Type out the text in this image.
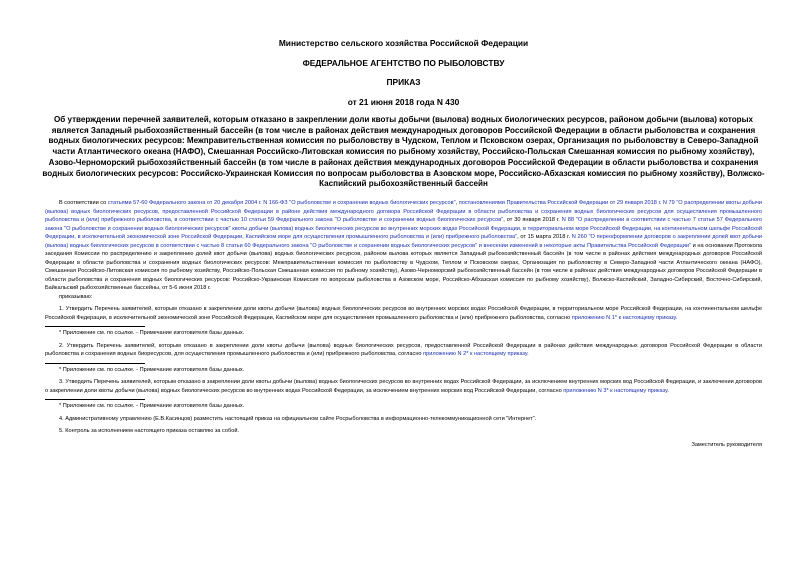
Министерство сельского хозяйства Российской Федерации
ФЕДЕРАЛЬНОЕ АГЕНТСТВО ПО РЫБОЛОВСТВУ
ПРИКАЗ
от 21 июня 2018 года N 430
Об утверждении перечней заявителей, которым отказано в закреплении доли квоты добычи (вылова) водных биологических ресурсов, районом добычи (вылова) которых является Западный рыбохозяйственный бассейн (в том числе в районах действия международных договоров Российской Федерации в области рыболовства и сохранения водных биологических ресурсов: Межправительственная комиссия по рыболовству в Чудском, Теплом и Псковском озерах, Организация по рыболовству в Северо-Западной части Атлантического океана (НАФО), Смешанная Российско-Литовская комиссия по рыбному хозяйству, Российско-Польская Смешанная комиссия по рыбному хозяйству), Азово-Черноморский рыбохозяйственный бассейн (в том числе в районах действия международных договоров Российской Федерации в области рыболовства и сохранения водных биологических ресурсов: Российско-Украинская Комиссия по вопросам рыболовства в Азовском море, Российско-Абхазская комиссия по рыбному хозяйству), Волжско-Каспийский рыбохозяйственный бассейн

В соответствии со статьями 57-60 Федерального закона от 20 декабря 2004 г. N 166-ФЗ "О рыболовстве и сохранении водных биологических ресурсов", постановлениями Правительства Российской Федерации от 29 января 2018 г. N 79 "О распределении квоты добычи (вылова) водных биологических ресурсов, предоставленной Российской Федерации в районе действия международного договора Российской Федерации в области рыболовства и сохранения водных биологических ресурсов для осуществления промышленного рыболовства и (или) прибрежного рыболовства, в соответствии с частью 10 статьи 59 Федерального закона "О рыболовстве и сохранении водных биологических ресурсов", от 30 января 2018 г. N 88 "О распределении в соответствии с частью 7 статьи 57 Федерального закона "О рыболовстве и сохранении водных биологических ресурсов" квоты добычи (вылова) водных биологических ресурсов во внутренних морских водах Российской Федерации, в территориальном море Российской Федерации, на континентальном шельфе Российской Федерации, в исключительной экономической зоне Российской Федерации, Каспийском море для осуществления промышленного рыболовства и (или) прибрежного рыболовства", от 15 марта 2018 г. N 260 "О переоформлении договоров о закреплении долей квот добычи (вылова) водных биологических ресурсов в соответствии с частью 8 статьи 60 Федерального закона "О рыболовстве и сохранении водных биологических ресурсов" и внесении изменений в некоторые акты Правительства Российской Федерации" и на основании Протокола заседания Комиссии по распределению и закреплению долей квот добычи (вылова) водных биологических ресурсов, районом вылова которых является Западный рыбохозяйственный бассейн (в том числе в районах действия международных договоров Российской Федерации в области рыболовства и сохранения водных биологических ресурсов: Межправительственная комиссия по рыболовству в Чудском, Теплом и Псковском озерах, Организация по рыболовству в Северо-Западной части Атлантического океана (НАФО), Смешанная Российско-Литовская комиссия по рыбному хозяйству, Российско-Польская Смешанная комиссия по рыбному хозяйству), Азово-Черноморский рыбохозяйственный бассейн (в том числе в районах действия международных договоров Российской Федерации в области рыболовства и сохранения водных биологических ресурсов: Российско-Украинская Комиссия по вопросам рыболовства в Азовском море, Российско-Абхазская комиссия по рыбному хозяйству), Волжско-Каспийский, Западно-Сибирский, Восточно-Сибирский, Байкальский рыбохозяйственные бассейны, от 5-6 июня 2018 г.

приказываю:

1. Утвердить Перечень заявителей, которым отказано в закреплении доли квоты добычи (вылова) водных биологических ресурсов во внутренних морских водах Российской Федерации, в территориальном море Российской Федерации, на континентальном шельфе Российской Федерации, в исключительной экономической зоне Российской Федерации, Каспийском море для осуществления промышленного рыболовства и (или) прибрежного рыболовства, согласно приложению N 1* к настоящему приказу.

* Приложение см. по ссылке. - Примечание изготовителя базы данных.

2. Утвердить Перечень заявителей, которым отказано в закреплении доли квоты добычи (вылова) водных биологических ресурсов, предоставленной Российской Федерации в районах действия международных договоров Российской Федерации в области рыболовства и сохранения водных биоресурсов, для осуществления промышленного рыболовства и (или) прибрежного рыболовства, согласно приложению N 2* к настоящему приказу.

* Приложение см. по ссылке. - Примечание изготовителя базы данных.

3. Утвердить Перечень заявителей, которым отказано в закреплении доли квоты добычи (вылова) водных биологических ресурсов во внутренних водах Российской Федерации, за исключением внутренних морских вод Российской Федерации, и заключении договоров о закреплении доли квоты добычи (вылова) водных биологических ресурсов во внутренних водах Российской Федерации, за исключением внутренних морских вод Российской Федерации, согласно приложению N 3* к настоящему приказу.

* Приложение см. по ссылке. - Примечание изготовителя базы данных.

4. Административному управлению (Е.В.Касинцов) разместить настоящий приказ на официальном сайте Росрыболовства в информационно-телекоммуникационной сети "Интернет".

5. Контроль за исполнением настоящего приказа оставляю за собой.

Заместитель руководителя
